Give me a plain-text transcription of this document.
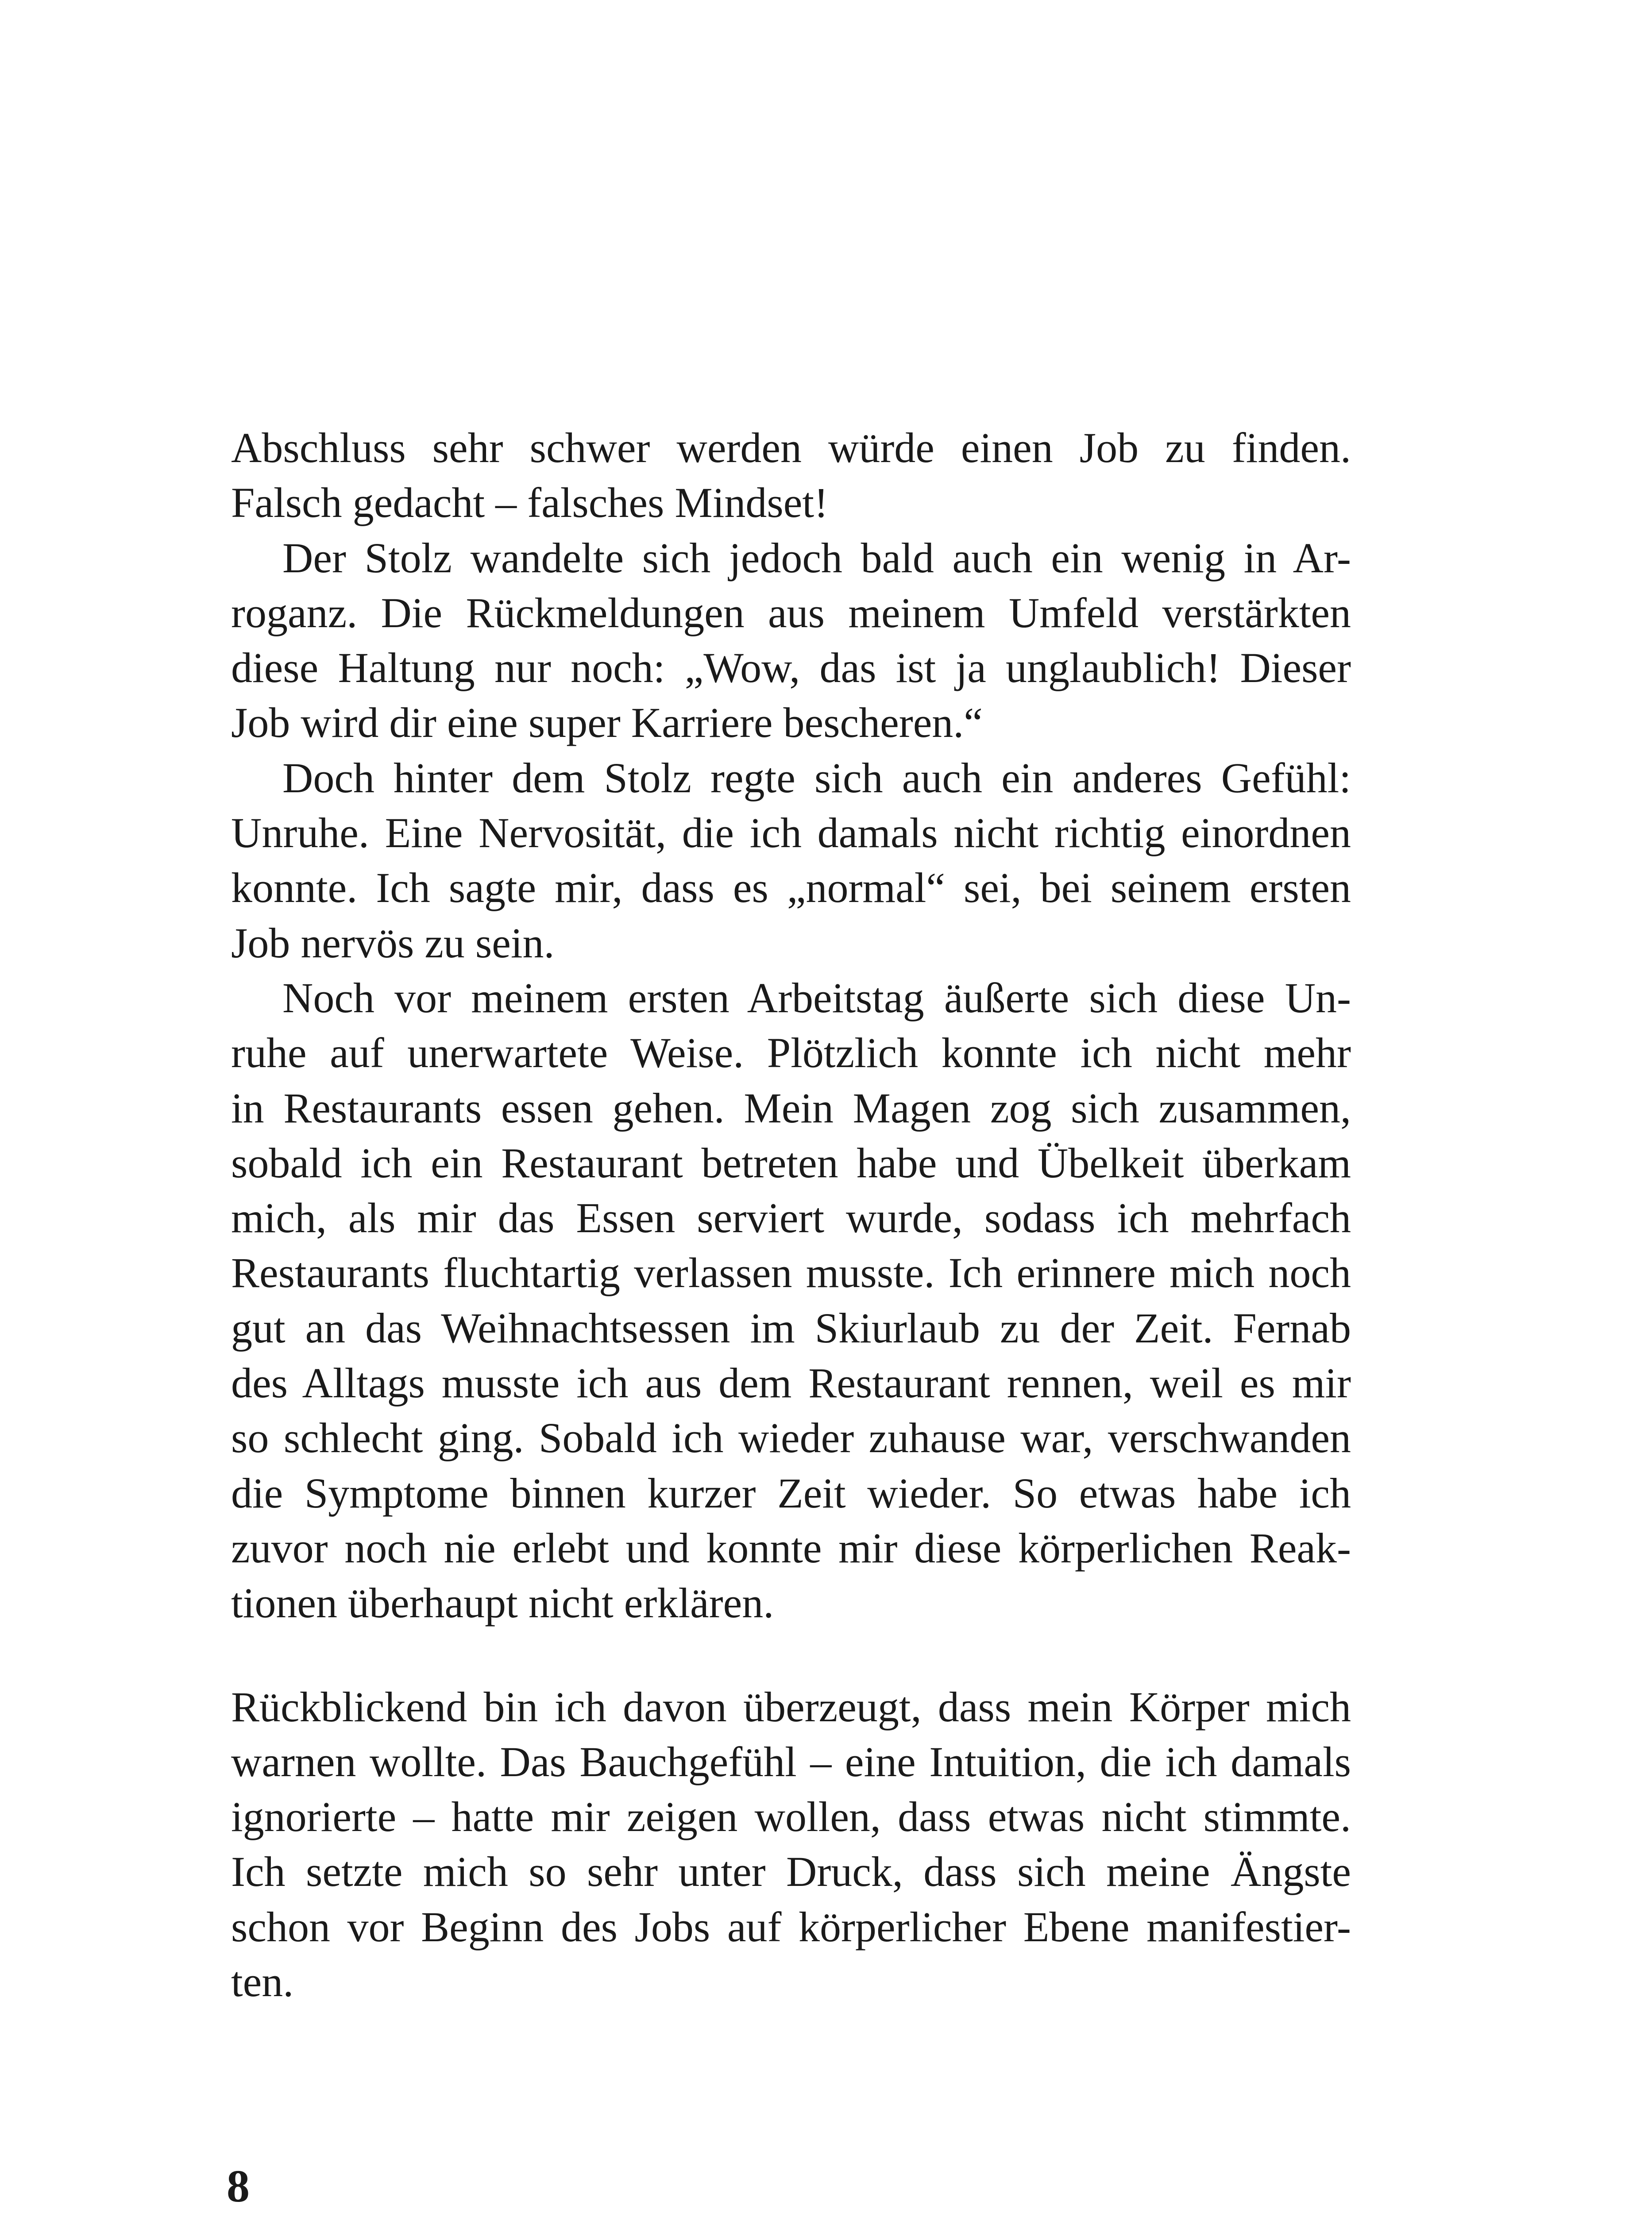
Abschluss sehr schwer werden würde einen Job zu finden.
Falsch gedacht – falsches Mindset!
Der Stolz wandelte sich jedoch bald auch ein wenig in Ar-
roganz. Die Rückmeldungen aus meinem Umfeld verstärkten
diese Haltung nur noch: „Wow, das ist ja unglaublich! Dieser
Job wird dir eine super Karriere bescheren.“
Doch hinter dem Stolz regte sich auch ein anderes Gefühl:
Unruhe. Eine Nervosität, die ich damals nicht richtig einordnen
konnte. Ich sagte mir, dass es „normal“ sei, bei seinem ersten
Job nervös zu sein.
Noch vor meinem ersten Arbeitstag äußerte sich diese Un-
ruhe auf unerwartete Weise. Plötzlich konnte ich nicht mehr
in Restaurants essen gehen. Mein Magen zog sich zusammen,
sobald ich ein Restaurant betreten habe und Übelkeit überkam
mich, als mir das Essen serviert wurde, sodass ich mehrfach
Restaurants fluchtartig verlassen musste. Ich erinnere mich noch
gut an das Weihnachtsessen im Skiurlaub zu der Zeit. Fernab
des Alltags musste ich aus dem Restaurant rennen, weil es mir
so schlecht ging. Sobald ich wieder zuhause war, verschwanden
die Symptome binnen kurzer Zeit wieder. So etwas habe ich
zuvor noch nie erlebt und konnte mir diese körperlichen Reak-
tionen überhaupt nicht erklären.
Rückblickend bin ich davon überzeugt, dass mein Körper mich
warnen wollte. Das Bauchgefühl – eine Intuition, die ich damals
ignorierte – hatte mir zeigen wollen, dass etwas nicht stimmte.
Ich setzte mich so sehr unter Druck, dass sich meine Ängste
schon vor Beginn des Jobs auf körperlicher Ebene manifestier-
ten.
8
